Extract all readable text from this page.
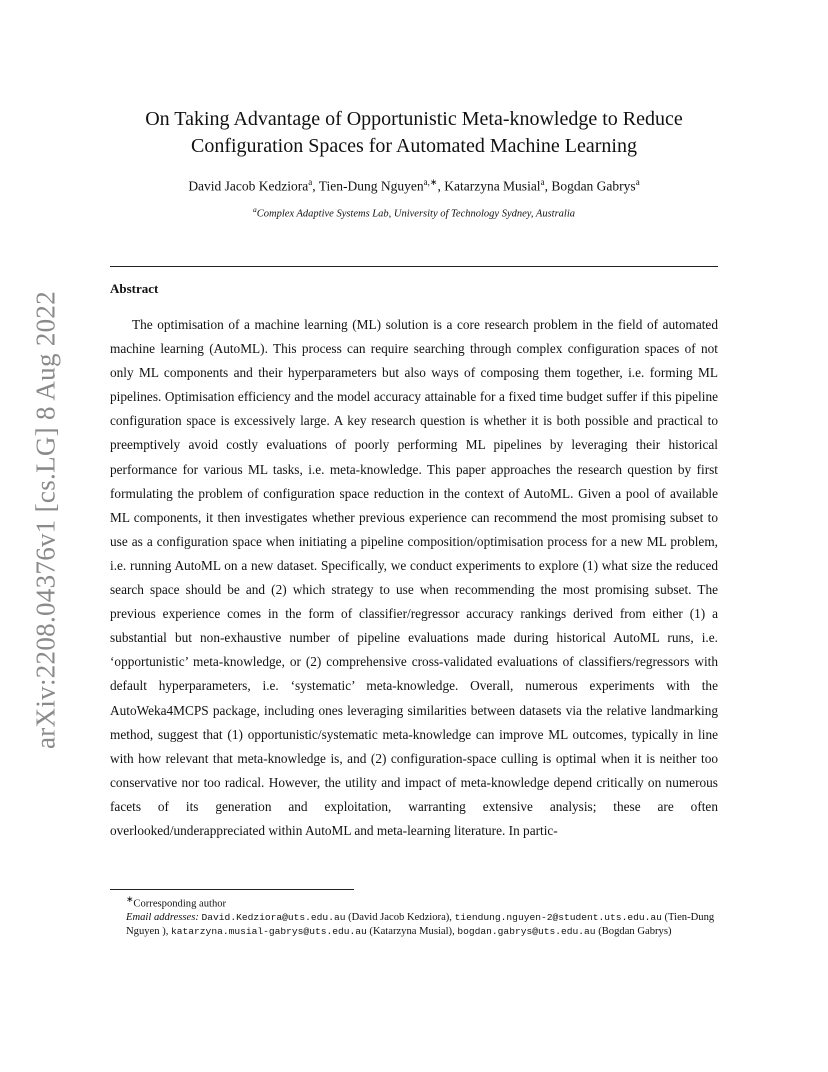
arXiv:2208.04376v1 [cs.LG] 8 Aug 2022
On Taking Advantage of Opportunistic Meta-knowledge to Reduce Configuration Spaces for Automated Machine Learning
David Jacob Kedziora$^a$, Tien-Dung Nguyen$^{a,∗}$, Katarzyna Musial$^a$, Bogdan Gabrys$^a$
$^a$Complex Adaptive Systems Lab, University of Technology Sydney, Australia
Abstract
The optimisation of a machine learning (ML) solution is a core research problem in the field of automated machine learning (AutoML). This process can require searching through complex configuration spaces of not only ML components and their hyperparameters but also ways of composing them together, i.e. forming ML pipelines. Optimisation efficiency and the model accuracy attainable for a fixed time budget suffer if this pipeline configuration space is excessively large. A key research question is whether it is both possible and practical to preemptively avoid costly evaluations of poorly performing ML pipelines by leveraging their historical performance for various ML tasks, i.e. meta-knowledge. This paper approaches the research question by first formulating the problem of configuration space reduction in the context of AutoML. Given a pool of available ML components, it then investigates whether previous experience can recommend the most promising subset to use as a configuration space when initiating a pipeline composition/optimisation process for a new ML problem, i.e. running AutoML on a new dataset. Specifically, we conduct experiments to explore (1) what size the reduced search space should be and (2) which strategy to use when recommending the most promising subset. The previous experience comes in the form of classifier/regressor accuracy rankings derived from either (1) a substantial but non-exhaustive number of pipeline evaluations made during historical AutoML runs, i.e. ‘opportunistic’ meta-knowledge, or (2) comprehensive cross-validated evaluations of classifiers/regressors with default hyperparameters, i.e. ‘systematic’ meta-knowledge. Overall, numerous experiments with the AutoWeka4MCPS package, including ones leveraging similarities between datasets via the relative landmarking method, suggest that (1) opportunistic/systematic meta-knowledge can improve ML outcomes, typically in line with how relevant that meta-knowledge is, and (2) configuration-space culling is optimal when it is neither too conservative nor too radical. However, the utility and impact of meta-knowledge depend critically on numerous facets of its generation and exploitation, warranting extensive analysis; these are often overlooked/underappreciated within AutoML and meta-learning literature. In partic-
∗Corresponding author
Email addresses: David.Kedziora@uts.edu.au (David Jacob Kedziora), tiendung.nguyen-2@student.uts.edu.au (Tien-Dung Nguyen ), katarzyna.musial-gabrys@uts.edu.au (Katarzyna Musial), bogdan.gabrys@uts.edu.au (Bogdan Gabrys)
